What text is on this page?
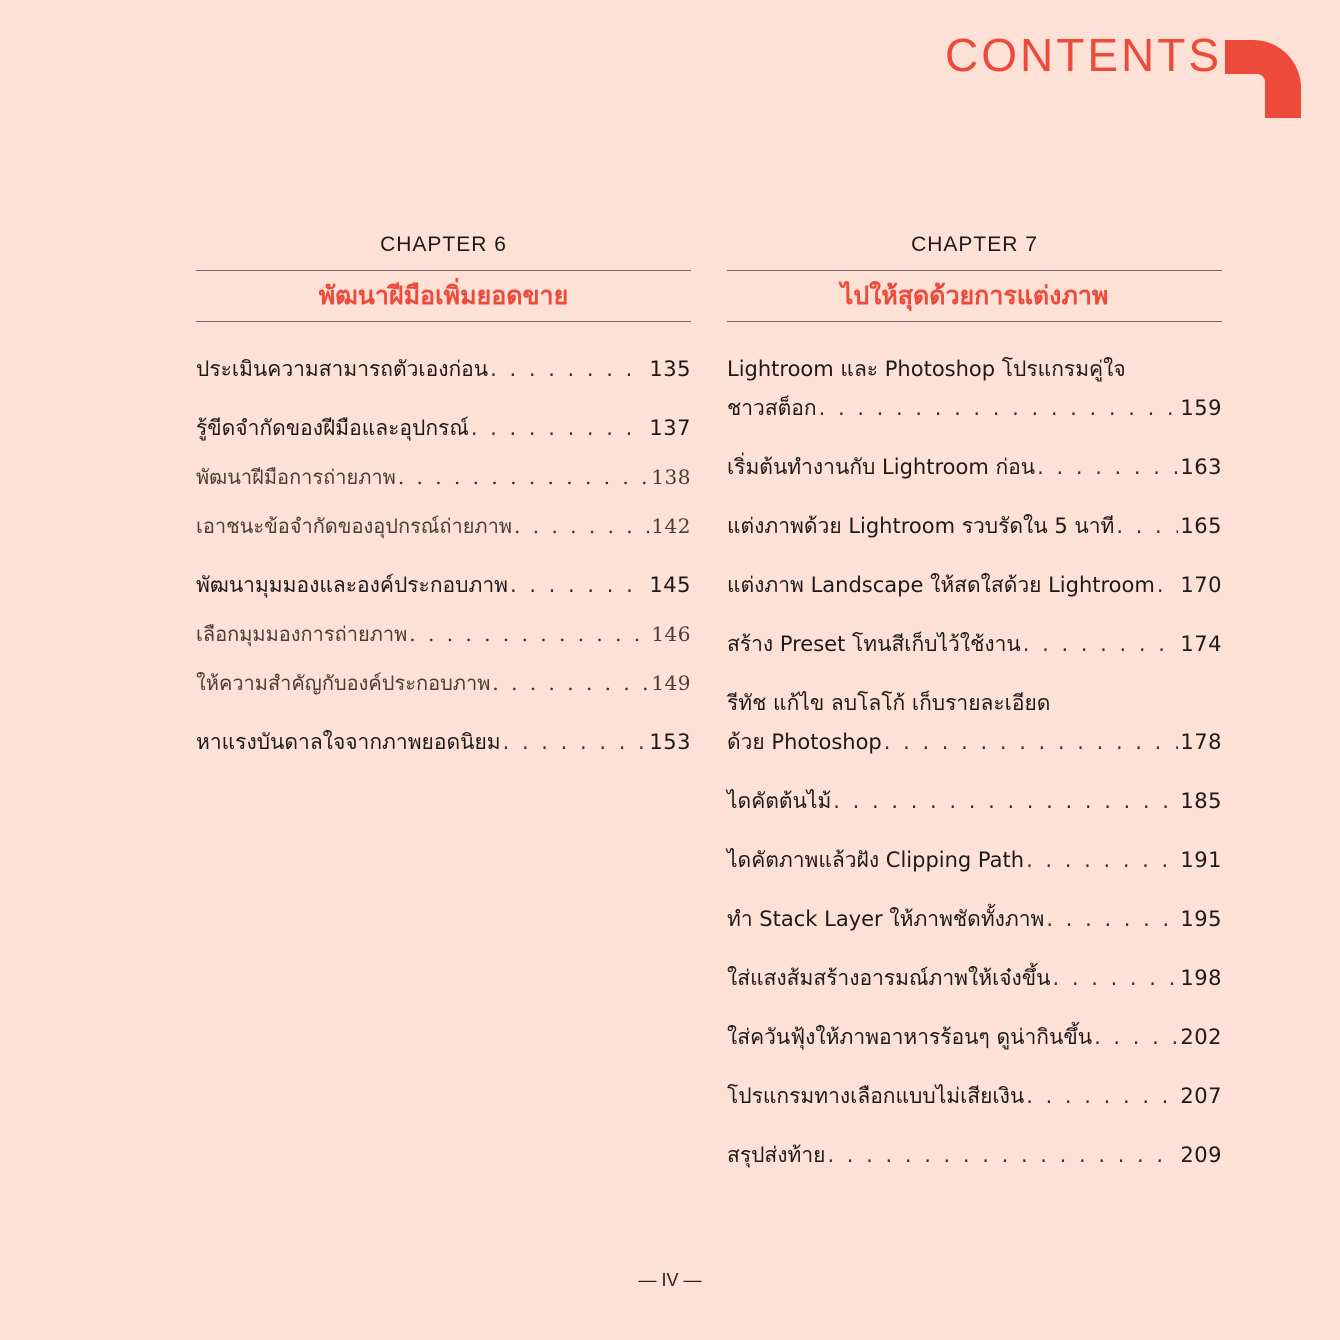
CONTENTS
CHAPTER 6
พัฒนาฝีมือเพิ่มยอดขาย
ประเมินความสามารถตัวเองก่อน . . .	135
รู้ขีดจำกัดของฝีมือและอุปกรณ์ . . .	137
พัฒนาฝีมือการถ่ายภาพ . . .	138
เอาชนะข้อจำกัดของอุปกรณ์ถ่ายภาพ . . .	142
พัฒนามุมมองและองค์ประกอบภาพ . . .	145
เลือกมุมมองการถ่ายภาพ . . .	146
ให้ความสำคัญกับองค์ประกอบภาพ . . .	149
หาแรงบันดาลใจจากภาพยอดนิยม . . .	153
CHAPTER 7
ไปให้สุดด้วยการแต่งภาพ
Lightroom และ Photoshop โปรแกรมคู่ใจ
ชาวสต็อก . . .	159
เริ่มต้นทำงานกับ Lightroom ก่อน . . .	163
แต่งภาพด้วย Lightroom รวบรัดใน 5 นาที . . .	165
แต่งภาพ Landscape ให้สดใสด้วย Lightroom . . . 170
สร้าง Preset โทนสีเก็บไว้ใช้งาน . . .	174
รีทัช แก้ไข ลบโลโก้ เก็บรายละเอียด
ด้วย Photoshop . . .	178
ไดคัตต้นไม้ . . .	185
ไดคัตภาพแล้วฝัง Clipping Path . . .	191
ทำ Stack Layer ให้ภาพชัดทั้งภาพ . . .	195
ใส่แสงส้มสร้างอารมณ์ภาพให้เจ๋งขึ้น . . .	198
ใส่ควันฟุ้งให้ภาพอาหารร้อนๆ ดูน่ากินขึ้น . . .	202
โปรแกรมทางเลือกแบบไม่เสียเงิน . . .	207
สรุปส่งท้าย . . .	209
— IV —
